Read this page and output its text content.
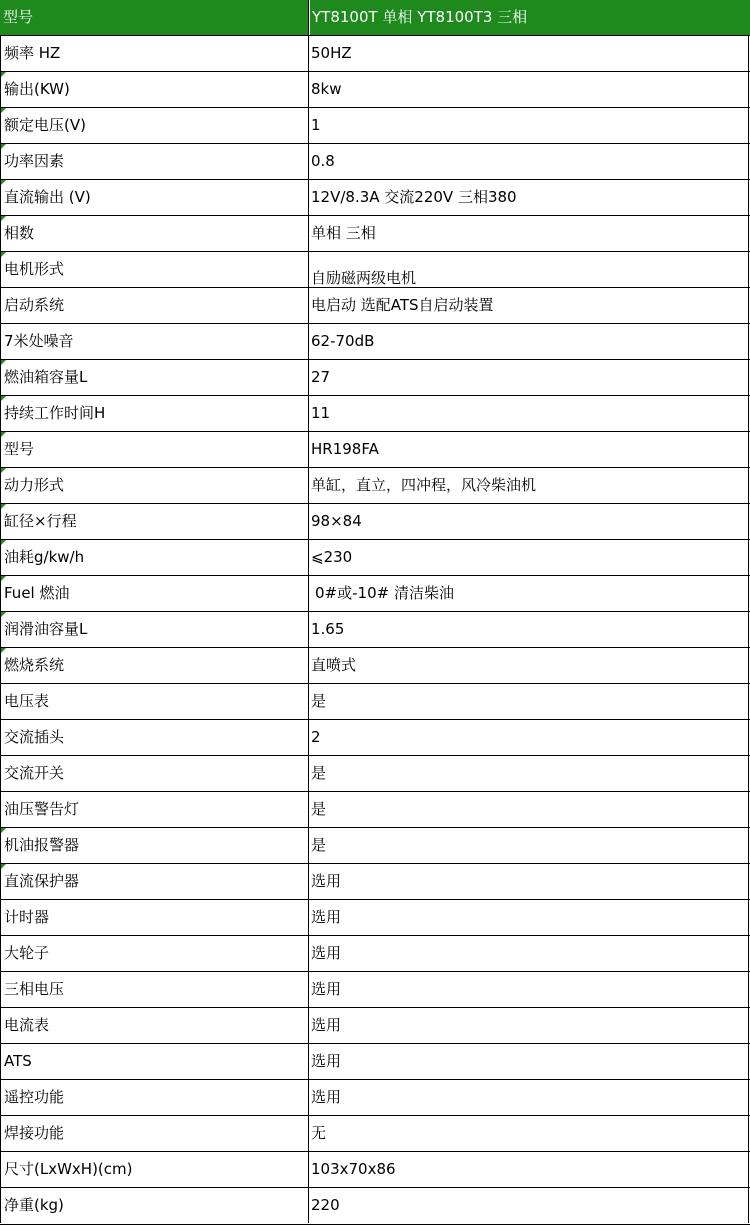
型号	YT8100T 单相 YT8100T3 三相
频率 HZ	50HZ
输出(KW)	8kw
额定电压(V)	1
功率因素	0.8
直流输出 (V)	12V/8.3A 交流220V 三相380
相数	单相 三相
电机形式	自励磁两级电机
启动系统	电启动 选配ATS自启动装置
7米处噪音	62-70dB
燃油箱容量L	27
持续工作时间H	11
型号	HR198FA
动力形式	单缸，直立，四冲程，风冷柴油机
缸径×行程	98×84
油耗g/kw/h	⩽230
Fuel 燃油	0#或-10# 清洁柴油
润滑油容量L	1.65
燃烧系统	直喷式
电压表	是
交流插头	2
交流开关	是
油压警告灯	是
机油报警器	是
直流保护器	选用
计时器	选用
大轮子	选用
三相电压	选用
电流表	选用
ATS	选用
遥控功能	选用
焊接功能	无
尺寸(LxWxH)(cm)	103x70x86
净重(kg)	220
